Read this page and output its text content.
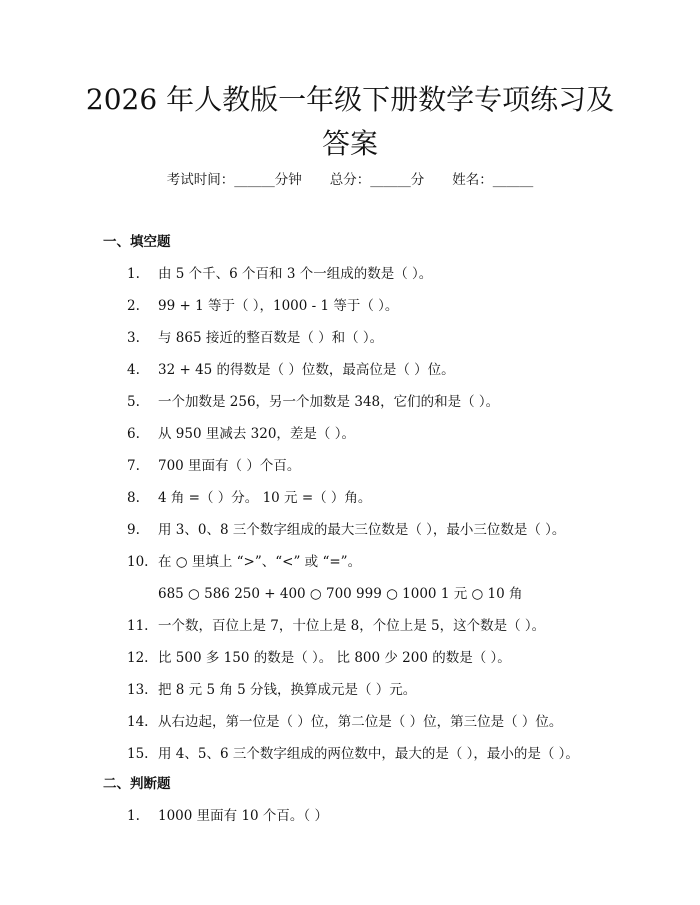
2026 年人教版一年级下册数学专项练习及答案
考试时间：______分钟 总分：______分 姓名：______
一、填空题
1. 由 5 个千、6 个百和 3 个一组成的数是（ ）。
2. 99 + 1 等于（ ），1000 - 1 等于（ ）。
3. 与 865 接近的整百数是（ ）和（ ）。
4. 32 + 45 的得数是（ ）位数，最高位是（ ）位。
5. 一个加数是 256，另一个加数是 348，它们的和是（ ）。
6. 从 950 里减去 320，差是（ ）。
7. 700 里面有（ ）个百。
8. 4 角 =（ ）分。 10 元 =（ ）角。
9. 用 3、0、8 三个数字组成的最大三位数是（ ），最小三位数是（ ）。
10. 在 ○ 里填上 “>”、“<” 或 “=”。
685 ○ 586 250 + 400 ○ 700 999 ○ 1000 1 元 ○ 10 角
11. 一个数，百位上是 7，十位上是 8，个位上是 5，这个数是（ ）。
12. 比 500 多 150 的数是（ ）。 比 800 少 200 的数是（ ）。
13. 把 8 元 5 角 5 分钱，换算成元是（ ）元。
14. 从右边起，第一位是（ ）位，第二位是（ ）位，第三位是（ ）位。
15. 用 4、5、6 三个数字组成的两位数中，最大的是（ ），最小的是（ ）。
二、判断题
1. 1000 里面有 10 个百。（ ）
